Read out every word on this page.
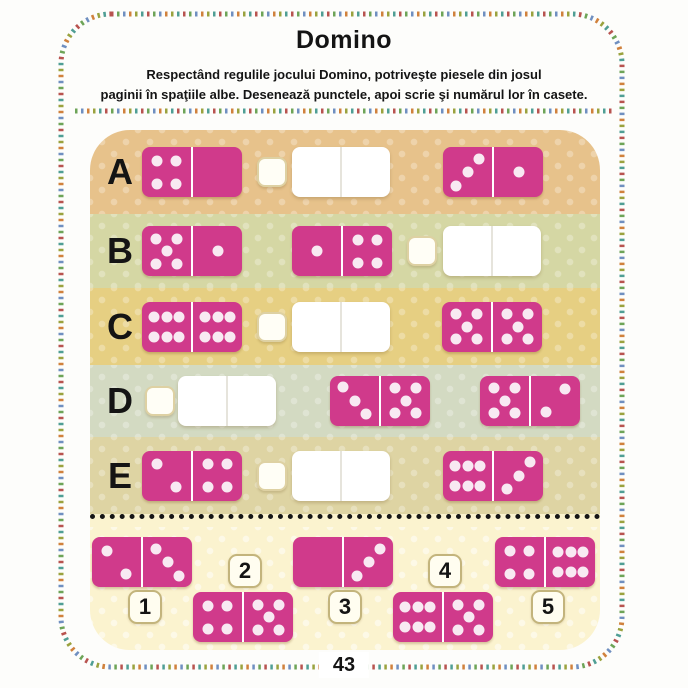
Domino

Respectând regulile jocului Domino, potriveşte piesele din josul
paginii în spaţiile albe. Desenează punctele, apoi scrie şi numărul lor în casete.

A
B
C
D
E
1
2
3
4
5
43
